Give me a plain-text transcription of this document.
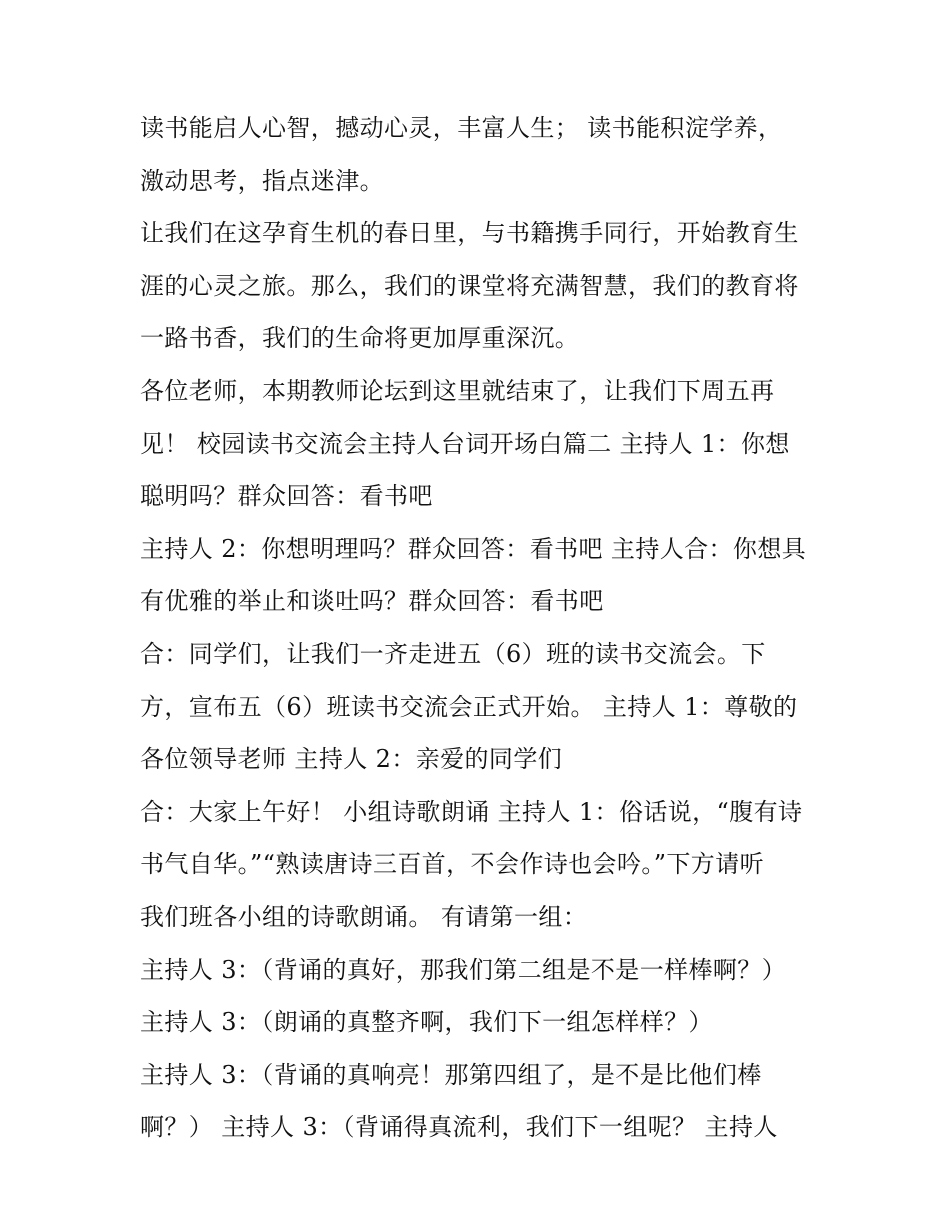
读书能启人心智，撼动心灵，丰富人生； 读书能积淀学养，
激动思考，指点迷津。
让我们在这孕育生机的春日里，与书籍携手同行，开始教育生
涯的心灵之旅。那么，我们的课堂将充满智慧，我们的教育将
一路书香，我们的生命将更加厚重深沉。
各位老师，本期教师论坛到这里就结束了，让我们下周五再
见！ 校园读书交流会主持人台词开场白篇二 主持人 1：你想
聪明吗？群众回答：看书吧
主持人 2：你想明理吗？群众回答：看书吧 主持人合：你想具
有优雅的举止和谈吐吗？群众回答：看书吧
合：同学们，让我们一齐走进五（6）班的读书交流会。下
方，宣布五（6）班读书交流会正式开始。 主持人 1：尊敬的
各位领导老师 主持人 2：亲爱的同学们
合：大家上午好！ 小组诗歌朗诵 主持人 1：俗话说，“腹有诗
书气自华。”“熟读唐诗三百首，不会作诗也会吟。”下方请听
我们班各小组的诗歌朗诵。 有请第一组：
主持人 3：（背诵的真好，那我们第二组是不是一样棒啊？）
主持人 3：（朗诵的真整齐啊，我们下一组怎样样？）
主持人 3：（背诵的真响亮！那第四组了，是不是比他们棒
啊？） 主持人 3：（背诵得真流利，我们下一组呢？ 主持人
